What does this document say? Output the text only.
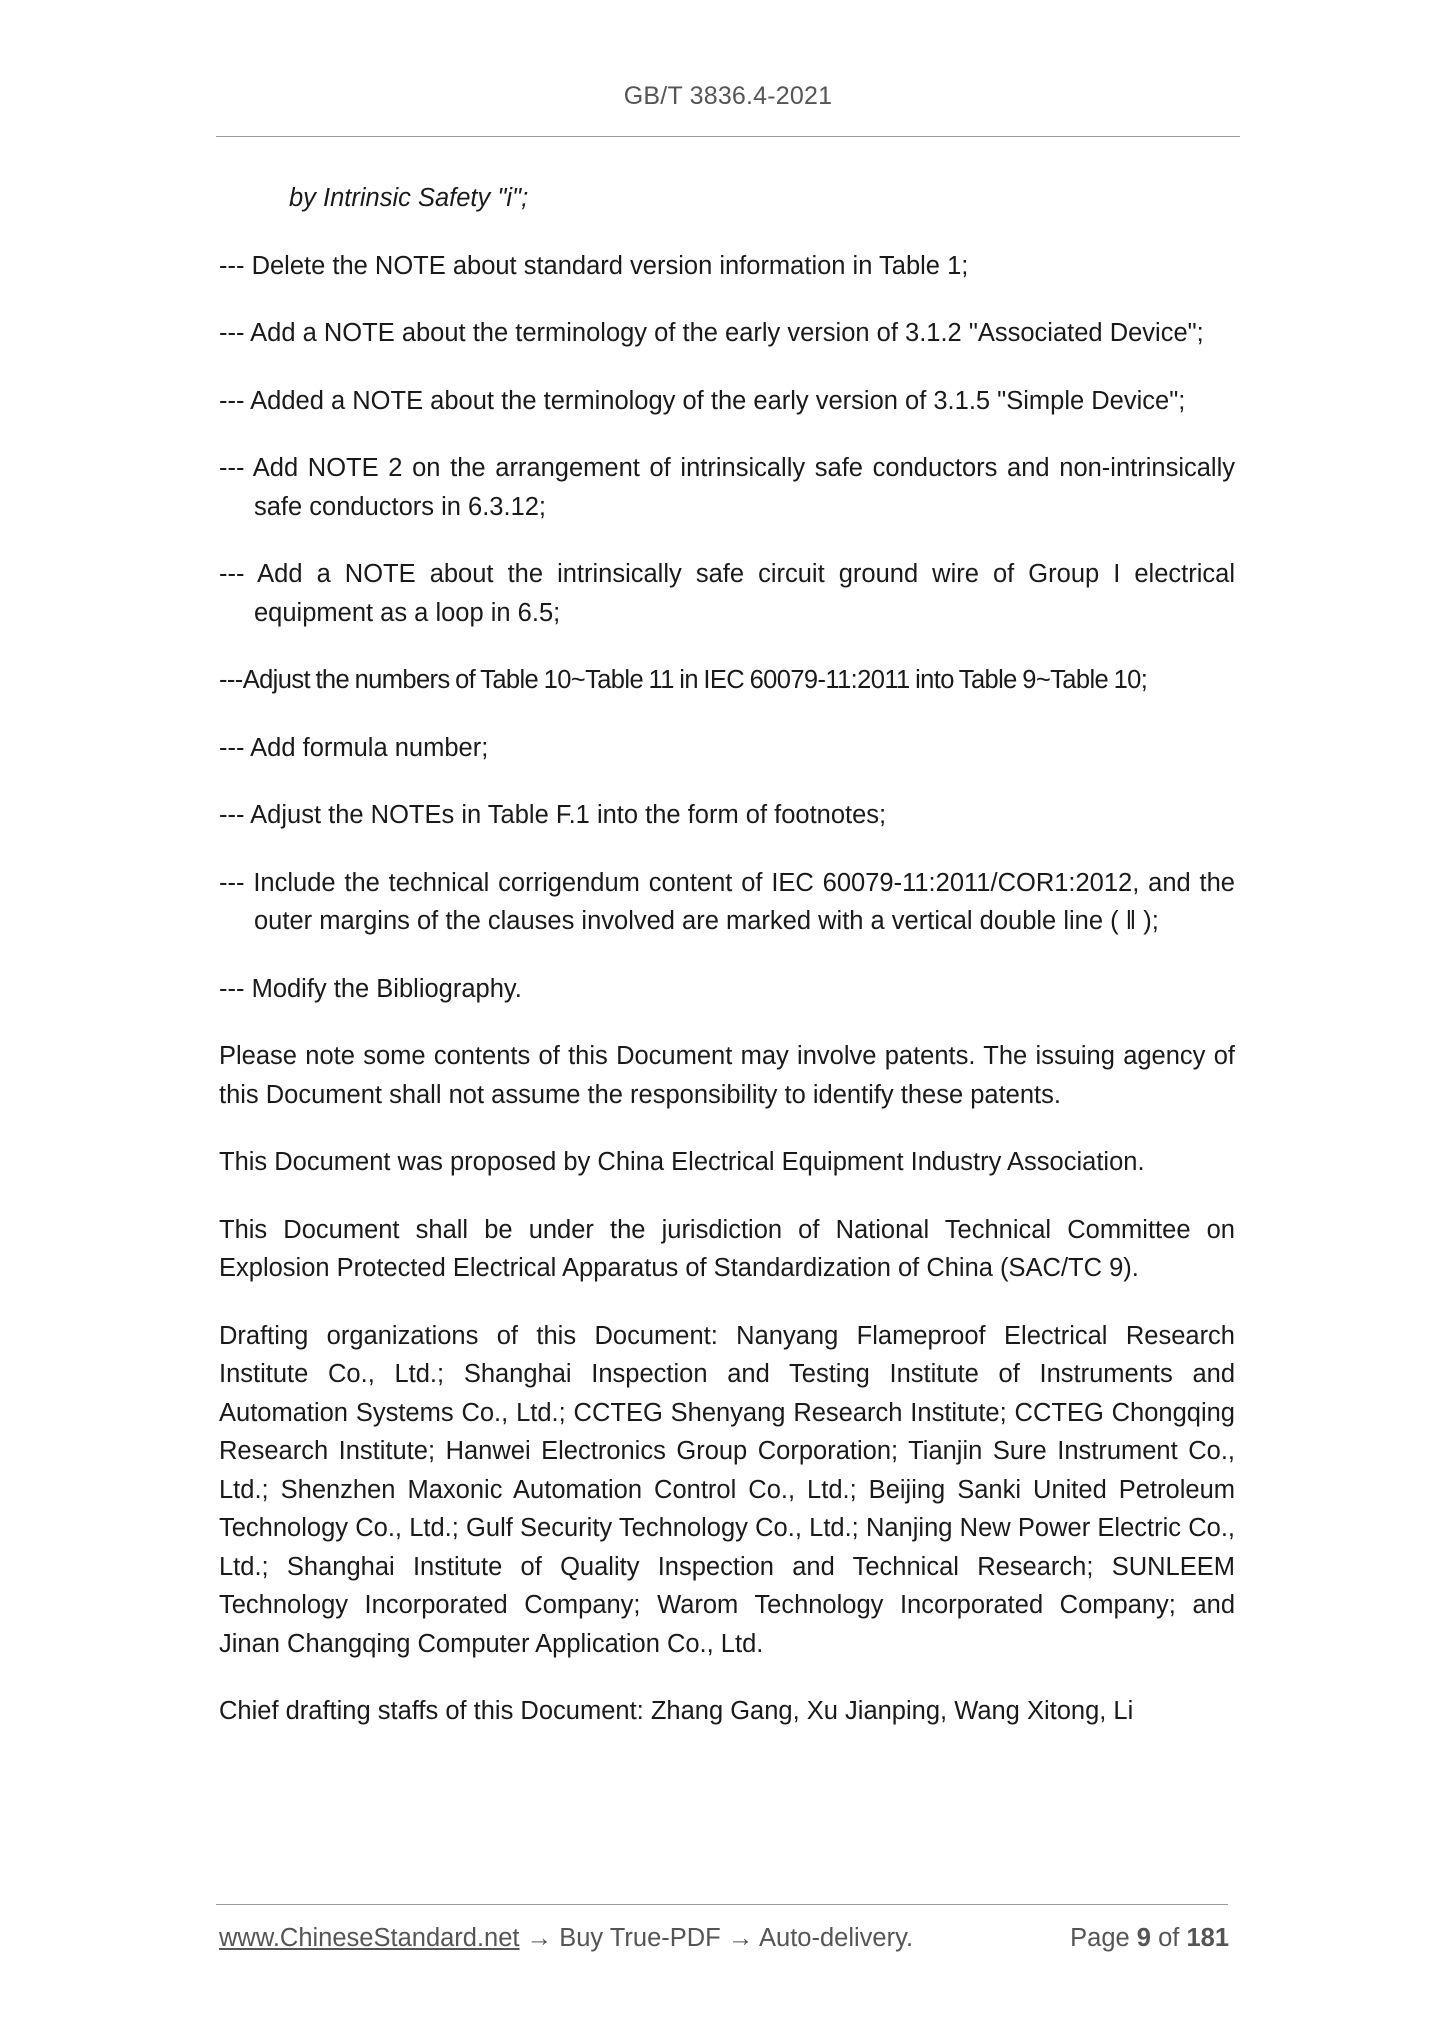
GB/T 3836.4-2021

by Intrinsic Safety "i";

--- Delete the NOTE about standard version information in Table 1;

--- Add a NOTE about the terminology of the early version of 3.1.2 "Associated Device";

--- Added a NOTE about the terminology of the early version of 3.1.5 "Simple Device";

--- Add NOTE 2 on the arrangement of intrinsically safe conductors and non-intrinsically safe conductors in 6.3.12;

--- Add a NOTE about the intrinsically safe circuit ground wire of Group I electrical equipment as a loop in 6.5;

---Adjust the numbers of Table 10~Table 11 in IEC 60079-11:2011 into Table 9~Table 10;

--- Add formula number;

--- Adjust the NOTEs in Table F.1 into the form of footnotes;

--- Include the technical corrigendum content of IEC 60079-11:2011/COR1:2012, and the outer margins of the clauses involved are marked with a vertical double line ( ‖ );

--- Modify the Bibliography.

Please note some contents of this Document may involve patents. The issuing agency of this Document shall not assume the responsibility to identify these patents.

This Document was proposed by China Electrical Equipment Industry Association.

This Document shall be under the jurisdiction of National Technical Committee on Explosion Protected Electrical Apparatus of Standardization of China (SAC/TC 9).

Drafting organizations of this Document: Nanyang Flameproof Electrical Research Institute Co., Ltd.; Shanghai Inspection and Testing Institute of Instruments and Automation Systems Co., Ltd.; CCTEG Shenyang Research Institute; CCTEG Chongqing Research Institute; Hanwei Electronics Group Corporation; Tianjin Sure Instrument Co., Ltd.; Shenzhen Maxonic Automation Control Co., Ltd.; Beijing Sanki United Petroleum Technology Co., Ltd.; Gulf Security Technology Co., Ltd.; Nanjing New Power Electric Co., Ltd.; Shanghai Institute of Quality Inspection and Technical Research; SUNLEEM Technology Incorporated Company; Warom Technology Incorporated Company; and Jinan Changqing Computer Application Co., Ltd.

Chief drafting staffs of this Document: Zhang Gang, Xu Jianping, Wang Xitong, Li

www.ChineseStandard.net → Buy True-PDF → Auto-delivery.	Page 9 of 181
